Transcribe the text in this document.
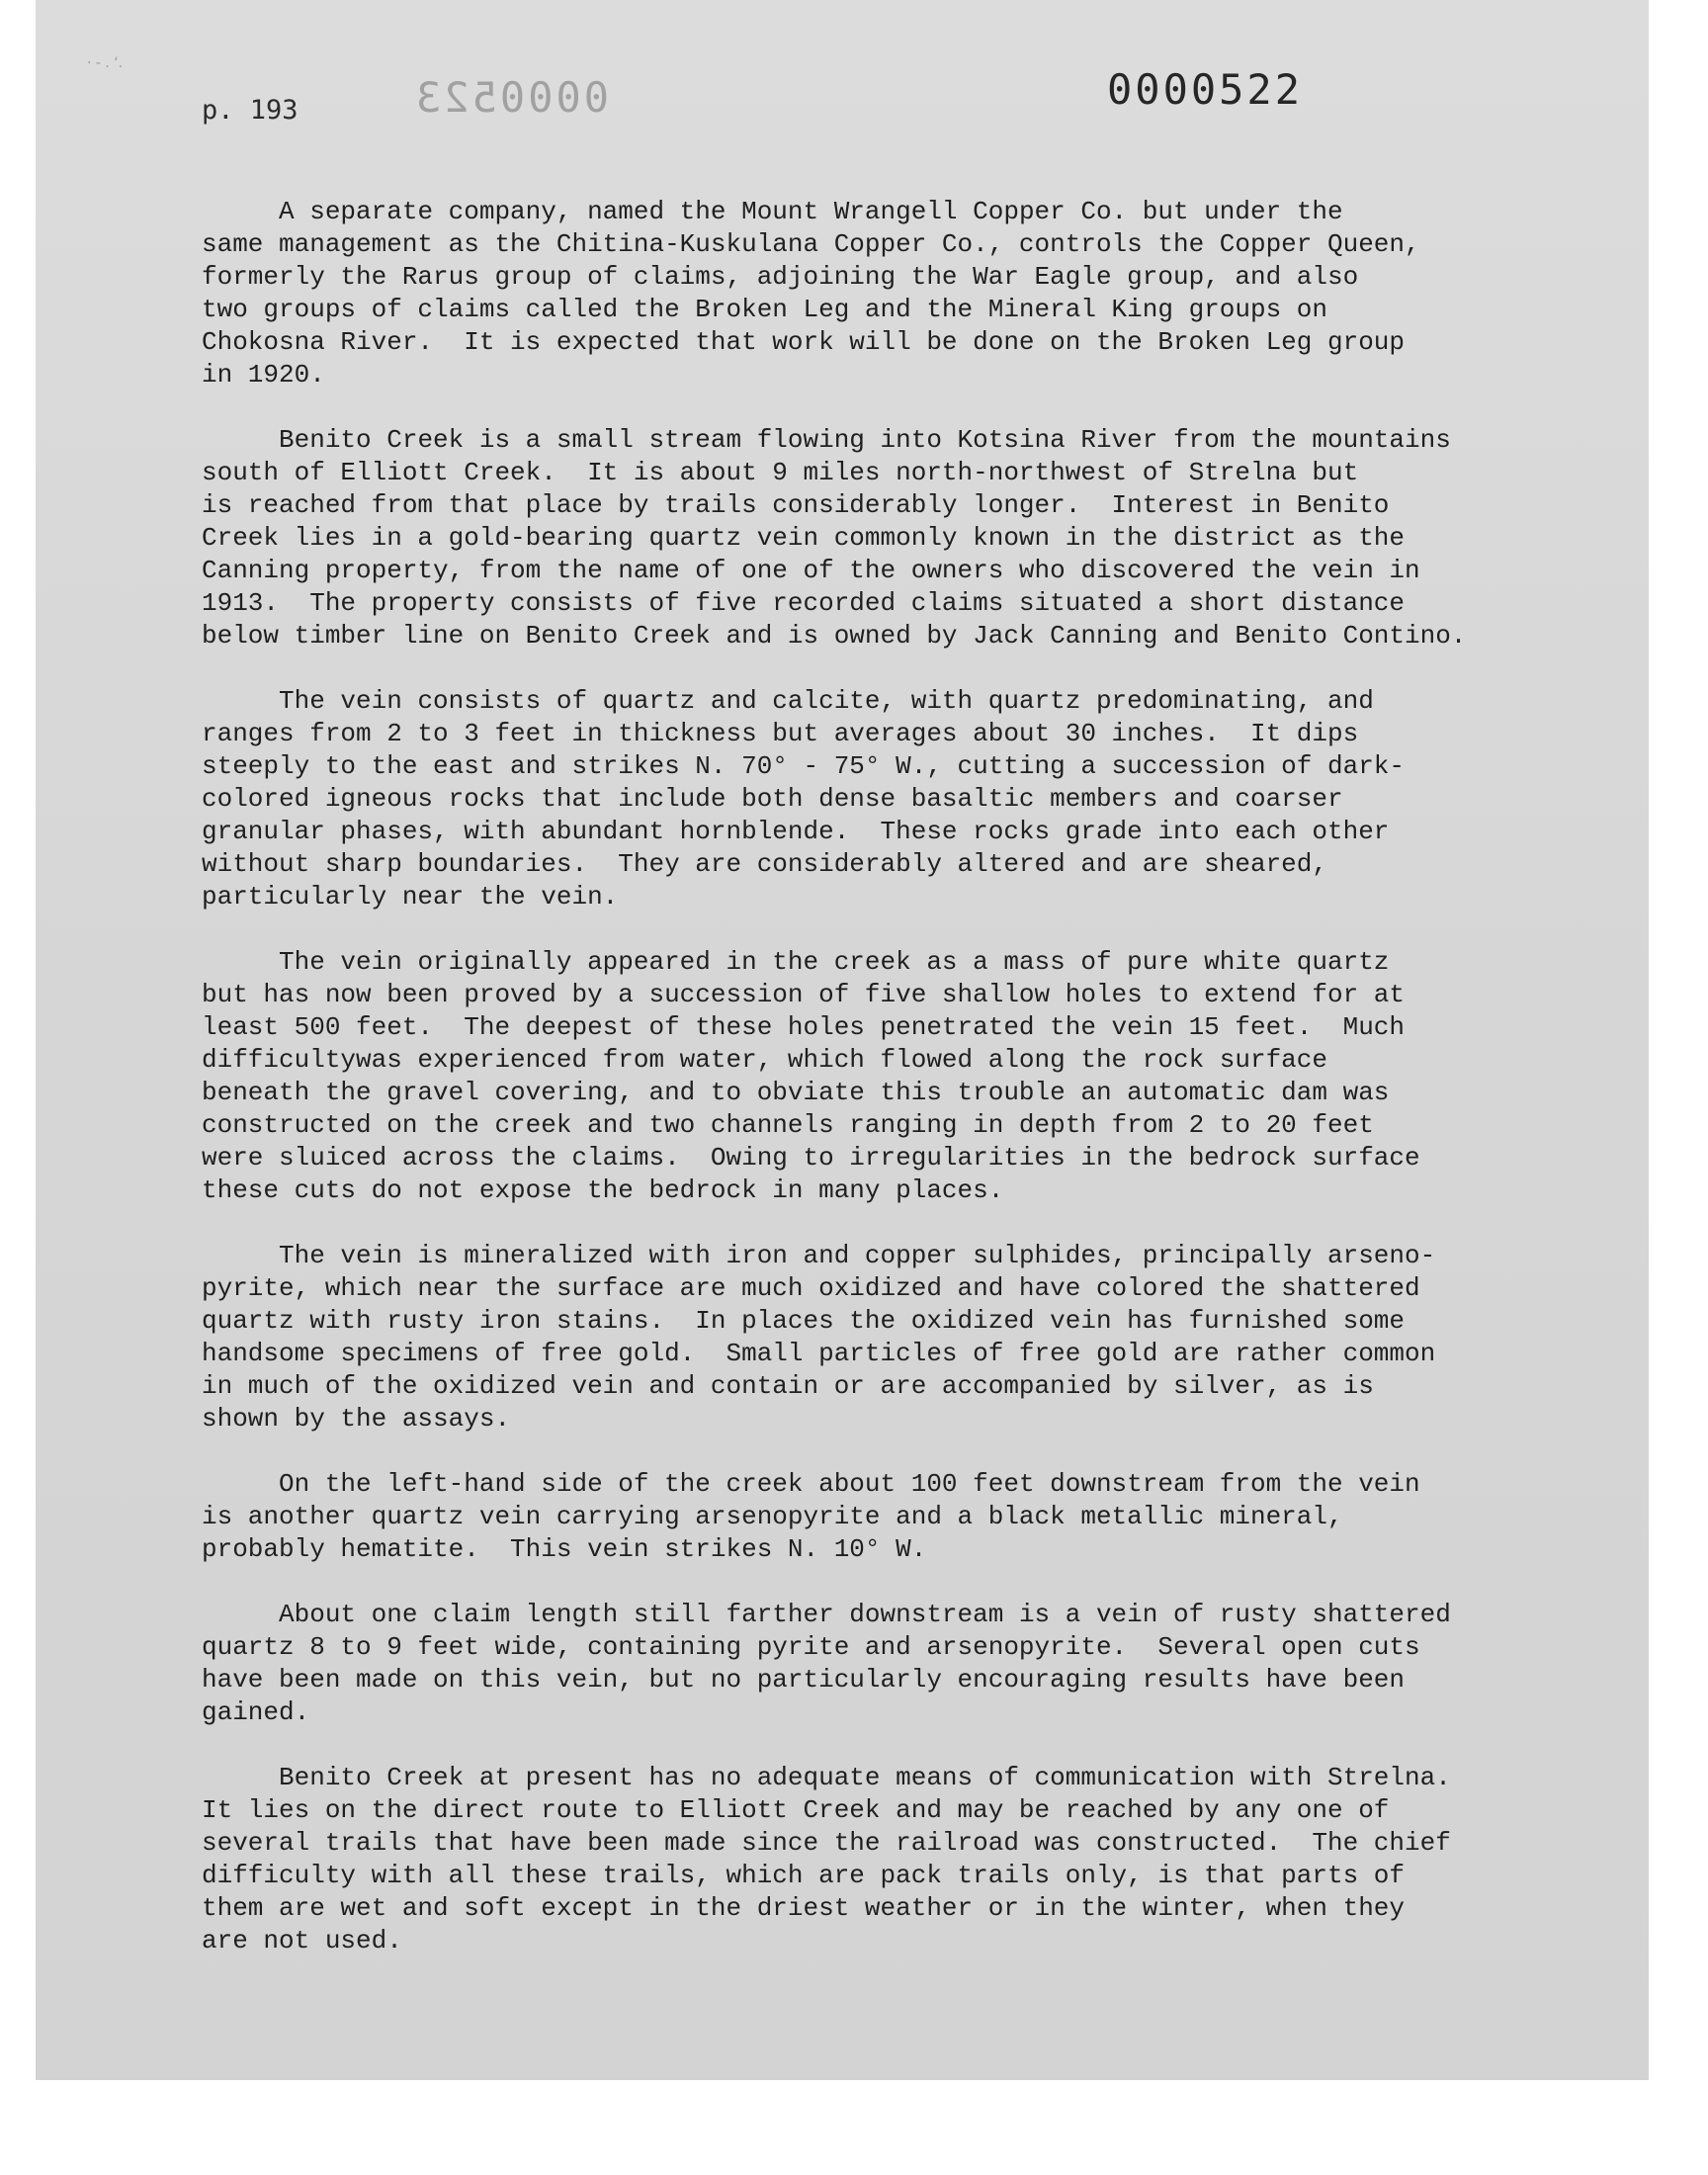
· ‑ . ‘.
p. 193	0000523	0000522

A separate company, named the Mount Wrangell Copper Co. but under the
same management as the Chitina-Kuskulana Copper Co., controls the Copper Queen,
formerly the Rarus group of claims, adjoining the War Eagle group, and also
two groups of claims called the Broken Leg and the Mineral King groups on
Chokosna River.  It is expected that work will be done on the Broken Leg group
in 1920.

Benito Creek is a small stream flowing into Kotsina River from the mountains
south of Elliott Creek.  It is about 9 miles north-northwest of Strelna but
is reached from that place by trails considerably longer.  Interest in Benito
Creek lies in a gold-bearing quartz vein commonly known in the district as the
Canning property, from the name of one of the owners who discovered the vein in
1913.  The property consists of five recorded claims situated a short distance
below timber line on Benito Creek and is owned by Jack Canning and Benito Contino.

The vein consists of quartz and calcite, with quartz predominating, and
ranges from 2 to 3 feet in thickness but averages about 30 inches.  It dips
steeply to the east and strikes N. 70° - 75° W., cutting a succession of dark-
colored igneous rocks that include both dense basaltic members and coarser
granular phases, with abundant hornblende.  These rocks grade into each other
without sharp boundaries.  They are considerably altered and are sheared,
particularly near the vein.

The vein originally appeared in the creek as a mass of pure white quartz
but has now been proved by a succession of five shallow holes to extend for at
least 500 feet.  The deepest of these holes penetrated the vein 15 feet.  Much
difficultywas experienced from water, which flowed along the rock surface
beneath the gravel covering, and to obviate this trouble an automatic dam was
constructed on the creek and two channels ranging in depth from 2 to 20 feet
were sluiced across the claims.  Owing to irregularities in the bedrock surface
these cuts do not expose the bedrock in many places.

The vein is mineralized with iron and copper sulphides, principally arseno-
pyrite, which near the surface are much oxidized and have colored the shattered
quartz with rusty iron stains.  In places the oxidized vein has furnished some
handsome specimens of free gold.  Small particles of free gold are rather common
in much of the oxidized vein and contain or are accompanied by silver, as is
shown by the assays.

On the left-hand side of the creek about 100 feet downstream from the vein
is another quartz vein carrying arsenopyrite and a black metallic mineral,
probably hematite.  This vein strikes N. 10° W.

About one claim length still farther downstream is a vein of rusty shattered
quartz 8 to 9 feet wide, containing pyrite and arsenopyrite.  Several open cuts
have been made on this vein, but no particularly encouraging results have been
gained.

Benito Creek at present has no adequate means of communication with Strelna.
It lies on the direct route to Elliott Creek and may be reached by any one of
several trails that have been made since the railroad was constructed.  The chief
difficulty with all these trails, which are pack trails only, is that parts of
them are wet and soft except in the driest weather or in the winter, when they
are not used.
